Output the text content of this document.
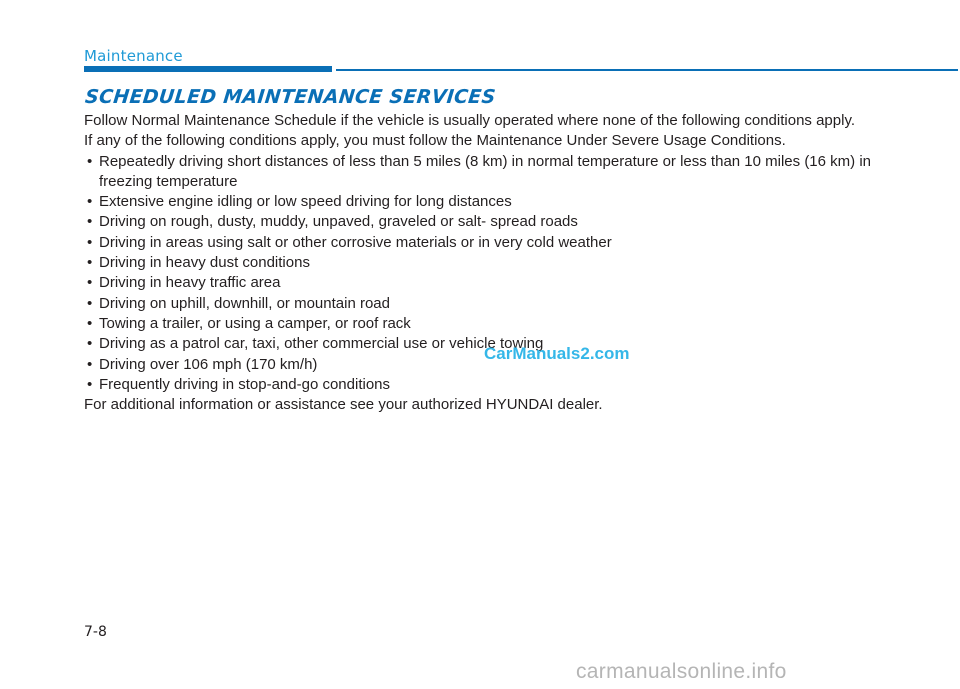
Maintenance
SCHEDULED MAINTENANCE SERVICES

Follow Normal Maintenance Schedule if the vehicle is usually operated where none of the following conditions apply.

If any of the following conditions apply, you must follow the Maintenance Under Severe Usage Conditions.

• Repeatedly driving short distances of less than 5 miles (8 km) in normal temperature or less than 10 miles (16 km) in freezing temperature
• Extensive engine idling or low speed driving for long distances
• Driving on rough, dusty, muddy, unpaved, graveled or salt- spread roads
• Driving in areas using salt or other corrosive materials or in very cold weather
• Driving in heavy dust conditions
• Driving in heavy traffic area
• Driving on uphill, downhill, or mountain road
• Towing a trailer, or using a camper, or roof rack
• Driving as a patrol car, taxi, other commercial use or vehicle towing
• Driving over 106 mph (170 km/h)
• Frequently driving in stop-and-go conditions

For additional information or assistance see your authorized HYUNDAI dealer.

CarManuals2.com
7-8
carmanualsonline.info
